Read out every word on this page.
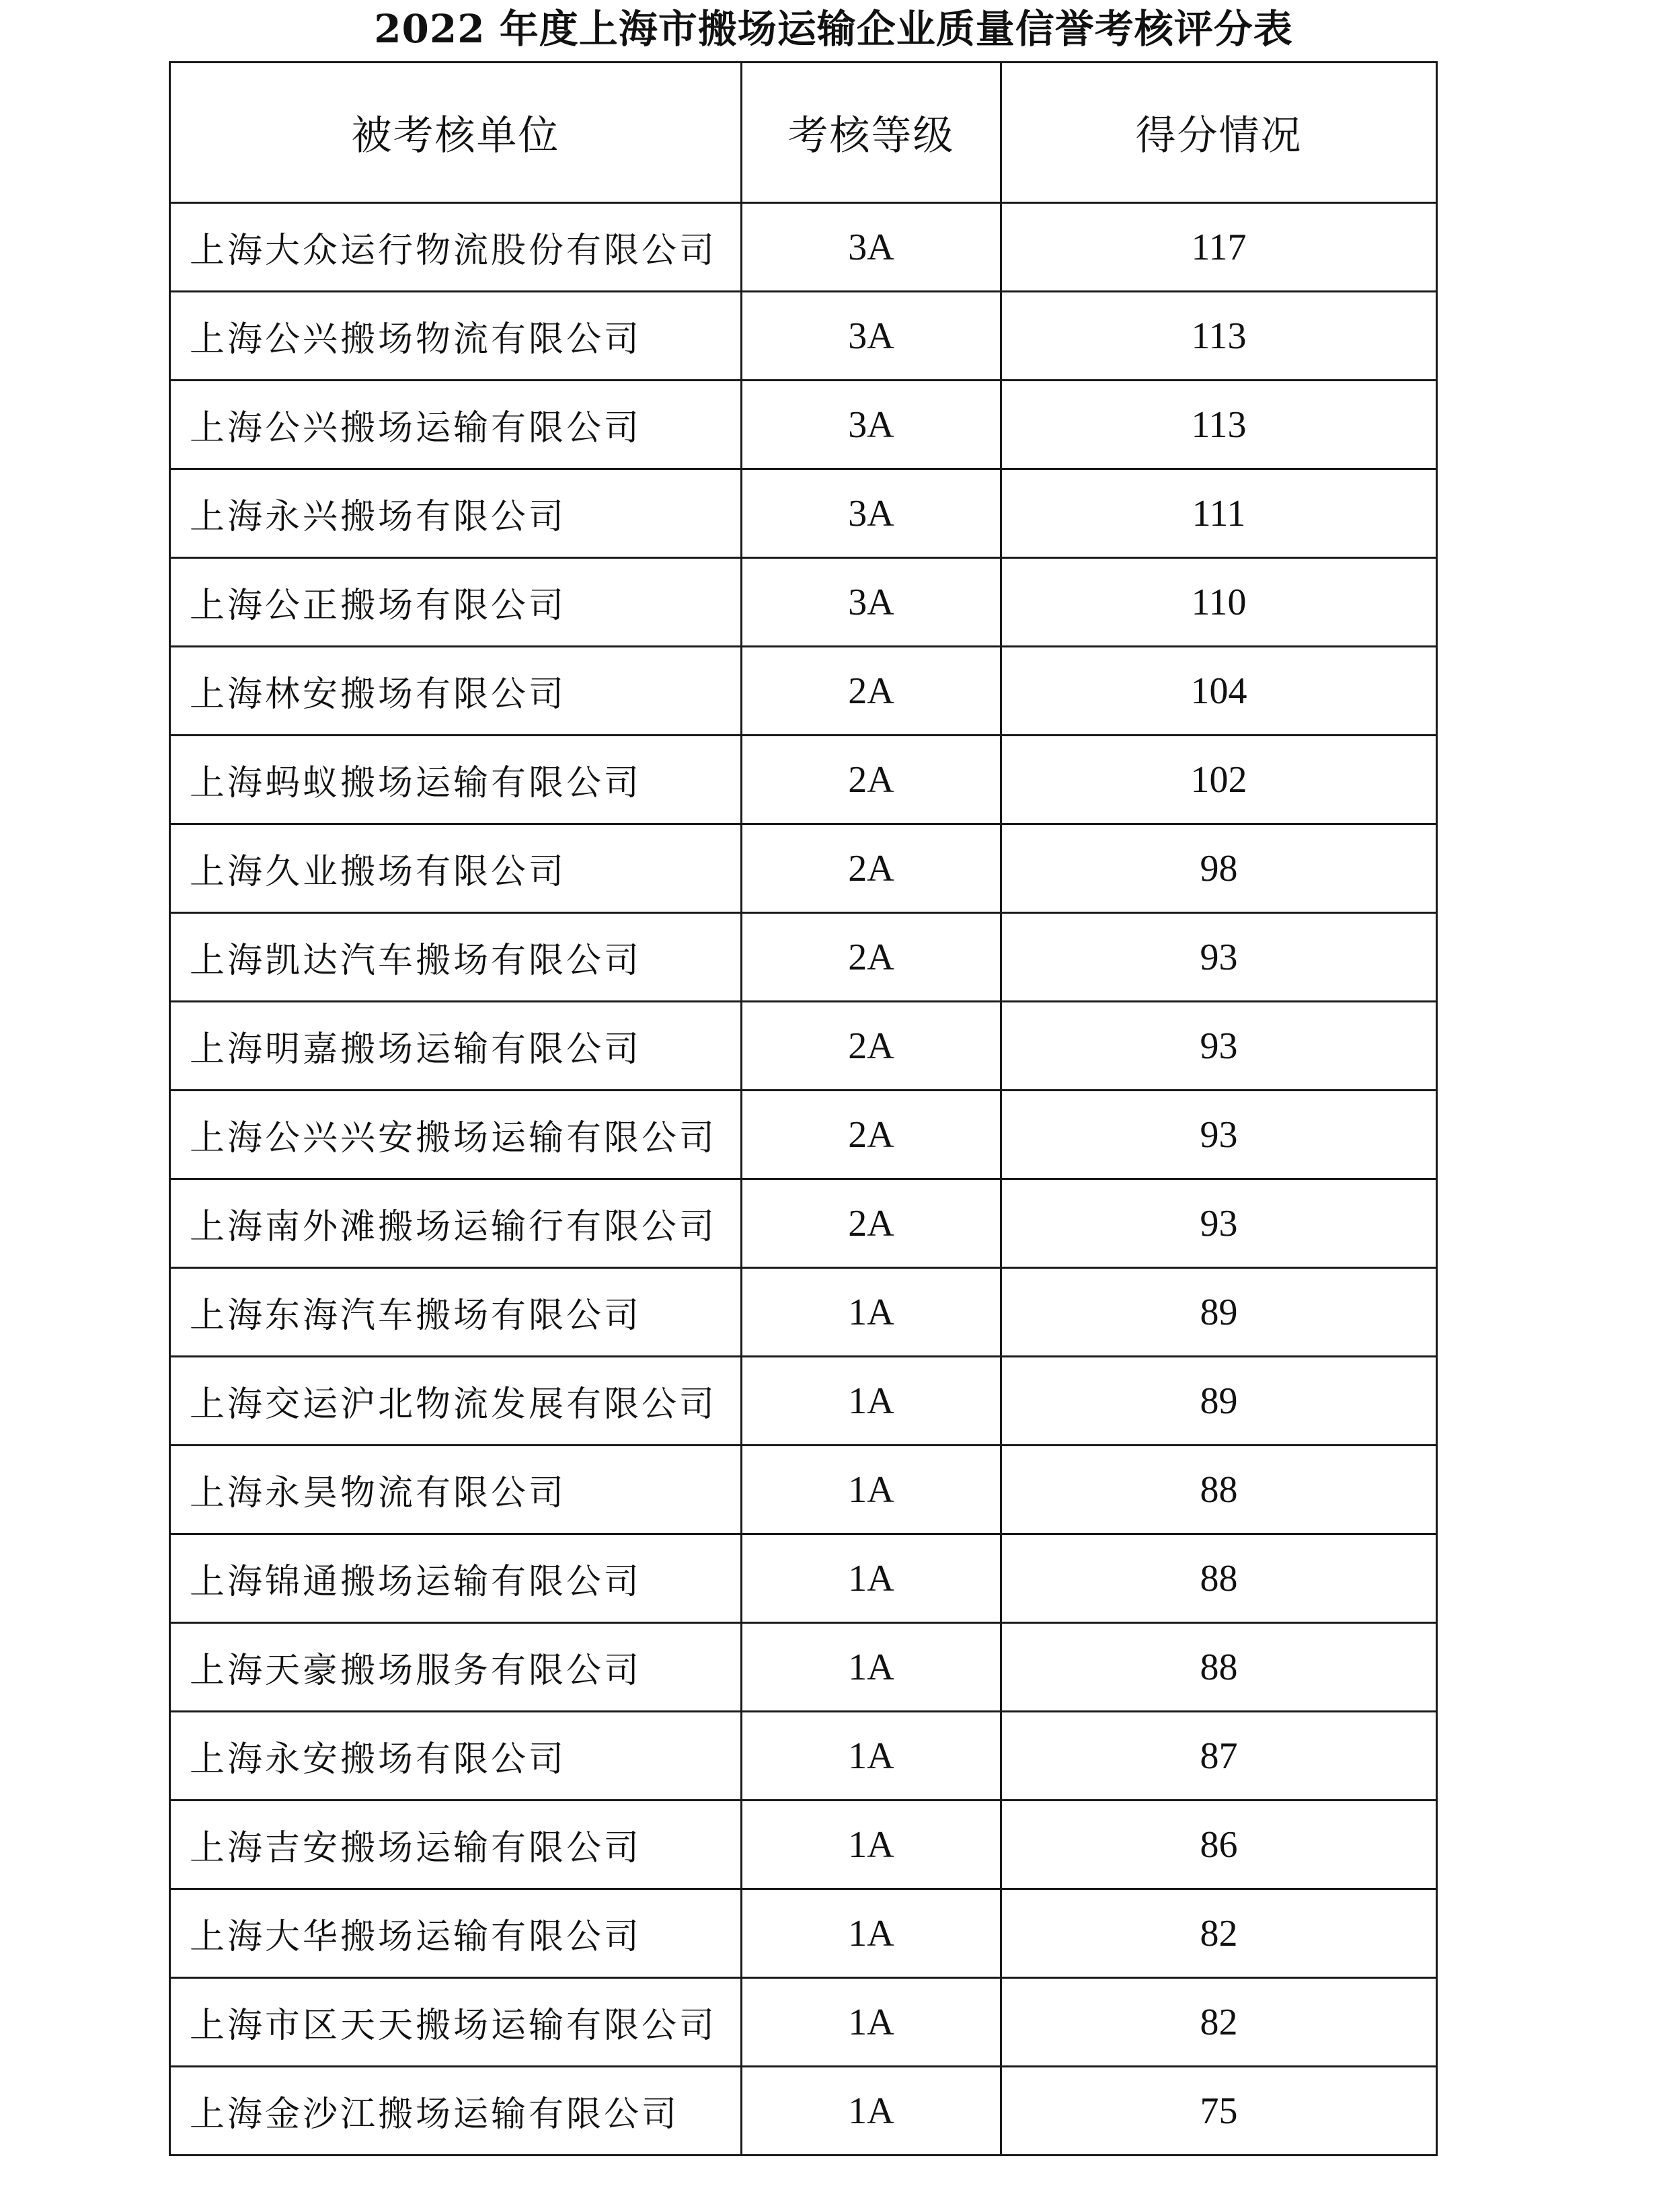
2022 年度上海市搬场运输企业质量信誉考核评分表
被考核单位	考核等级	得分情况
上海大众运行物流股份有限公司	3A	117
上海公兴搬场物流有限公司	3A	113
上海公兴搬场运输有限公司	3A	113
上海永兴搬场有限公司	3A	111
上海公正搬场有限公司	3A	110
上海林安搬场有限公司	2A	104
上海蚂蚁搬场运输有限公司	2A	102
上海久业搬场有限公司	2A	98
上海凯达汽车搬场有限公司	2A	93
上海明嘉搬场运输有限公司	2A	93
上海公兴兴安搬场运输有限公司	2A	93
上海南外滩搬场运输行有限公司	2A	93
上海东海汽车搬场有限公司	1A	89
上海交运沪北物流发展有限公司	1A	89
上海永昊物流有限公司	1A	88
上海锦通搬场运输有限公司	1A	88
上海天豪搬场服务有限公司	1A	88
上海永安搬场有限公司	1A	87
上海吉安搬场运输有限公司	1A	86
上海大华搬场运输有限公司	1A	82
上海市区天天搬场运输有限公司	1A	82
上海金沙江搬场运输有限公司	1A	75
